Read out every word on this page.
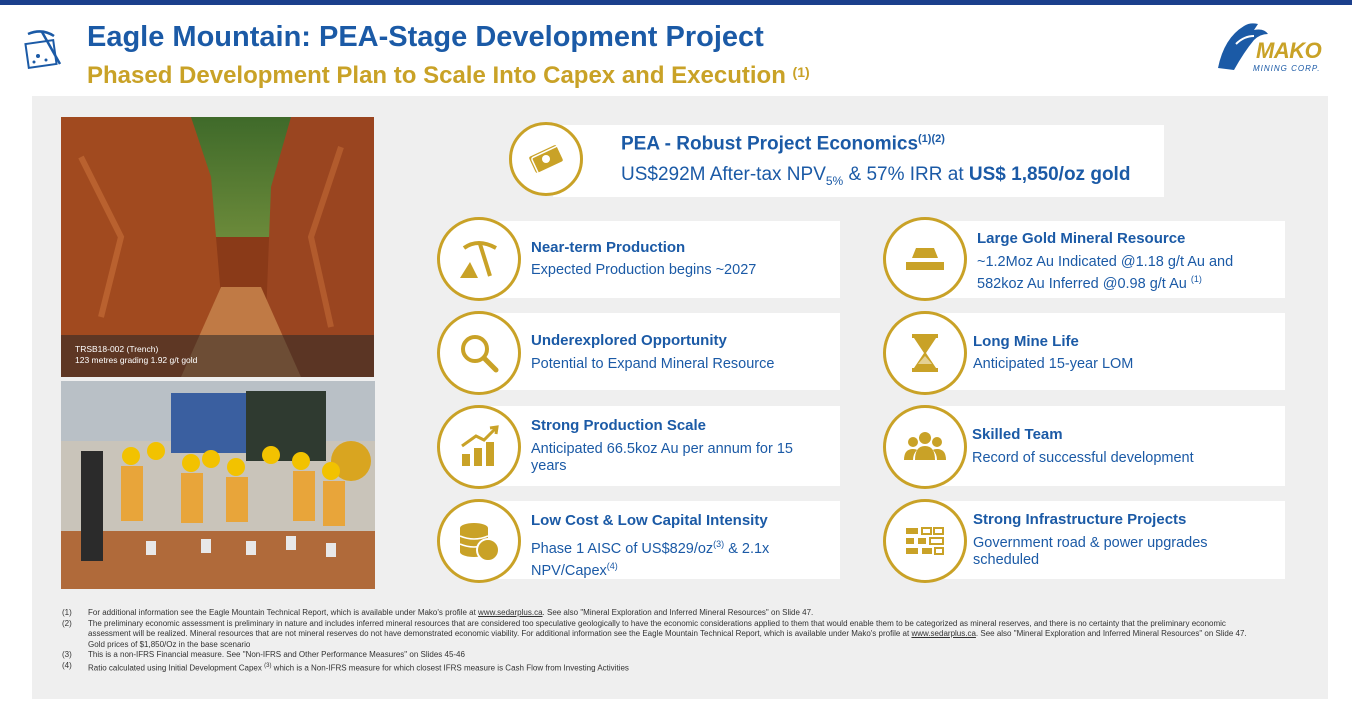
Eagle Mountain: PEA-Stage Development Project
Phased Development Plan to Scale Into Capex and Execution $^{(1)}$
MAKO
MINING CORP.
TRSB18-002 (Trench)
123 metres grading 1.92 g/t gold
PEA - Robust Project Economics$^{(1)(2)}$
US$292M After-tax $NPV_{5\%}$ & 57% IRR at US$ 1,850/oz gold
Near-term Production
Expected Production begins ~2027
Underexplored Opportunity
Potential to Expand Mineral Resource
Strong Production Scale
Anticipated 66.5koz Au per annum for 15 years
Low Cost & Low Capital Intensity
Phase 1 AISC of $US\$829/oz^{(3)}$ & 2.1x NPV/Capex$^{(4)}$
Large Gold Mineral Resource
~1.2Moz Au Indicated @1.18 g/t Au and 582koz Au Inferred @0.98 g/t Au $^{(1)}$
Long Mine Life
Anticipated 15-year LOM
Skilled Team
Record of successful development
Strong Infrastructure Projects
Government road & power upgrades scheduled
(1)	For additional information see the Eagle Mountain Technical Report, which is available under Mako's profile at www.sedarplus.ca. See also "Mineral Exploration and Inferred Mineral Resources" on Slide 47.
(2)	The preliminary economic assessment is preliminary in nature and includes inferred mineral resources that are considered too speculative geologically to have the economic considerations applied to them that would enable them to be categorized as mineral reserves, and there is no certainty that the preliminary economic assessment will be realized. Mineral resources that are not mineral reserves do not have demonstrated economic viability. For additional information see the Eagle Mountain Technical Report, which is available under Mako's profile at www.sedarplus.ca. See also "Mineral Exploration and Inferred Mineral Resources" on Slide 47. Gold prices of $1,850/Oz in the base scenario
(3)	This is a non-IFRS Financial measure. See "Non-IFRS and Other Performance Measures" on Slides 45-46
(4)	Ratio calculated using Initial Development Capex $^{(3)}$ which is a Non-IFRS measure for which closest IFRS measure is Cash Flow from Investing Activities
